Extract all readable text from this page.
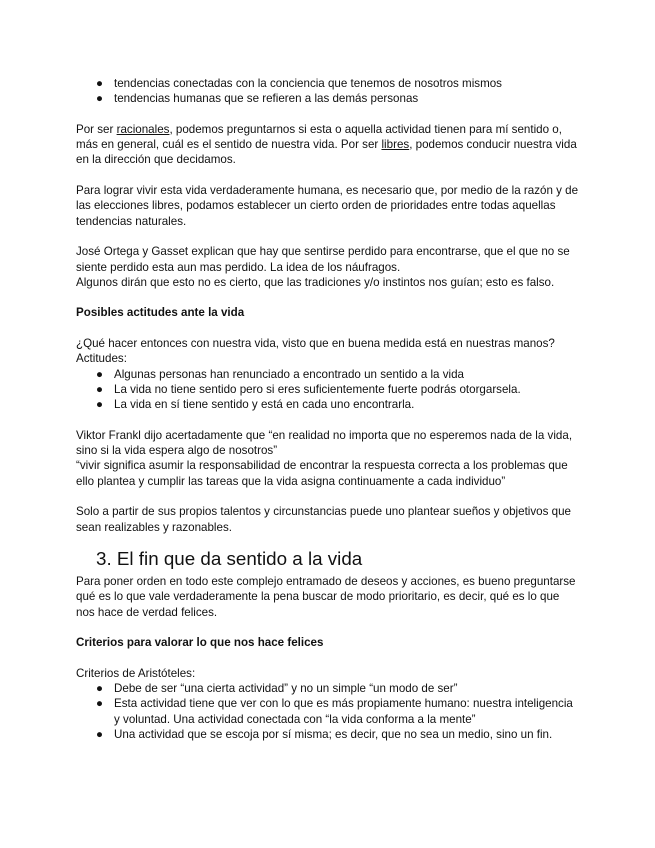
● tendencias conectadas con la conciencia que tenemos de nosotros mismos
● tendencias humanas que se refieren a las demás personas

Por ser racionales, podemos preguntarnos si esta o aquella actividad tienen para mí sentido o, más en general, cuál es el sentido de nuestra vida. Por ser libres, podemos conducir nuestra vida en la dirección que decidamos.

Para lograr vivir esta vida verdaderamente humana, es necesario que, por medio de la razón y de las elecciones libres, podamos establecer un cierto orden de prioridades entre todas aquellas tendencias naturales.

José Ortega y Gasset explican que hay que sentirse perdido para encontrarse, que el que no se siente perdido esta aun mas perdido. La idea de los náufragos.

Algunos dirán que esto no es cierto, que las tradiciones y/o instintos nos guían; esto es falso.

Posibles actitudes ante la vida

¿Qué hacer entonces con nuestra vida, visto que en buena medida está en nuestras manos?

Actitudes:

● Algunas personas han renunciado a encontrado un sentido a la vida
● La vida no tiene sentido pero si eres suficientemente fuerte podrás otorgarsela.
● La vida en sí tiene sentido y está en cada uno encontrarla.

Viktor Frankl dijo acertadamente que “en realidad no importa que no esperemos nada de la vida, sino si la vida espera algo de nosotros”

“vivir significa asumir la responsabilidad de encontrar la respuesta correcta a los problemas que ello plantea y cumplir las tareas que la vida asigna continuamente a cada individuo”

Solo a partir de sus propios talentos y circunstancias puede uno plantear sueños y objetivos que sean realizables y razonables.

3. El fin que da sentido a la vida

Para poner orden en todo este complejo entramado de deseos y acciones, es bueno preguntarse qué es lo que vale verdaderamente la pena buscar de modo prioritario, es decir, qué es lo que nos hace de verdad felices.

Criterios para valorar lo que nos hace felices

Criterios de Aristóteles:

● Debe de ser “una cierta actividad” y no un simple “un modo de ser”
● Esta actividad tiene que ver con lo que es más propiamente humano: nuestra inteligencia y voluntad. Una actividad conectada con “la vida conforma a la mente”
● Una actividad que se escoja por sí misma; es decir, que no sea un medio, sino un fin.
